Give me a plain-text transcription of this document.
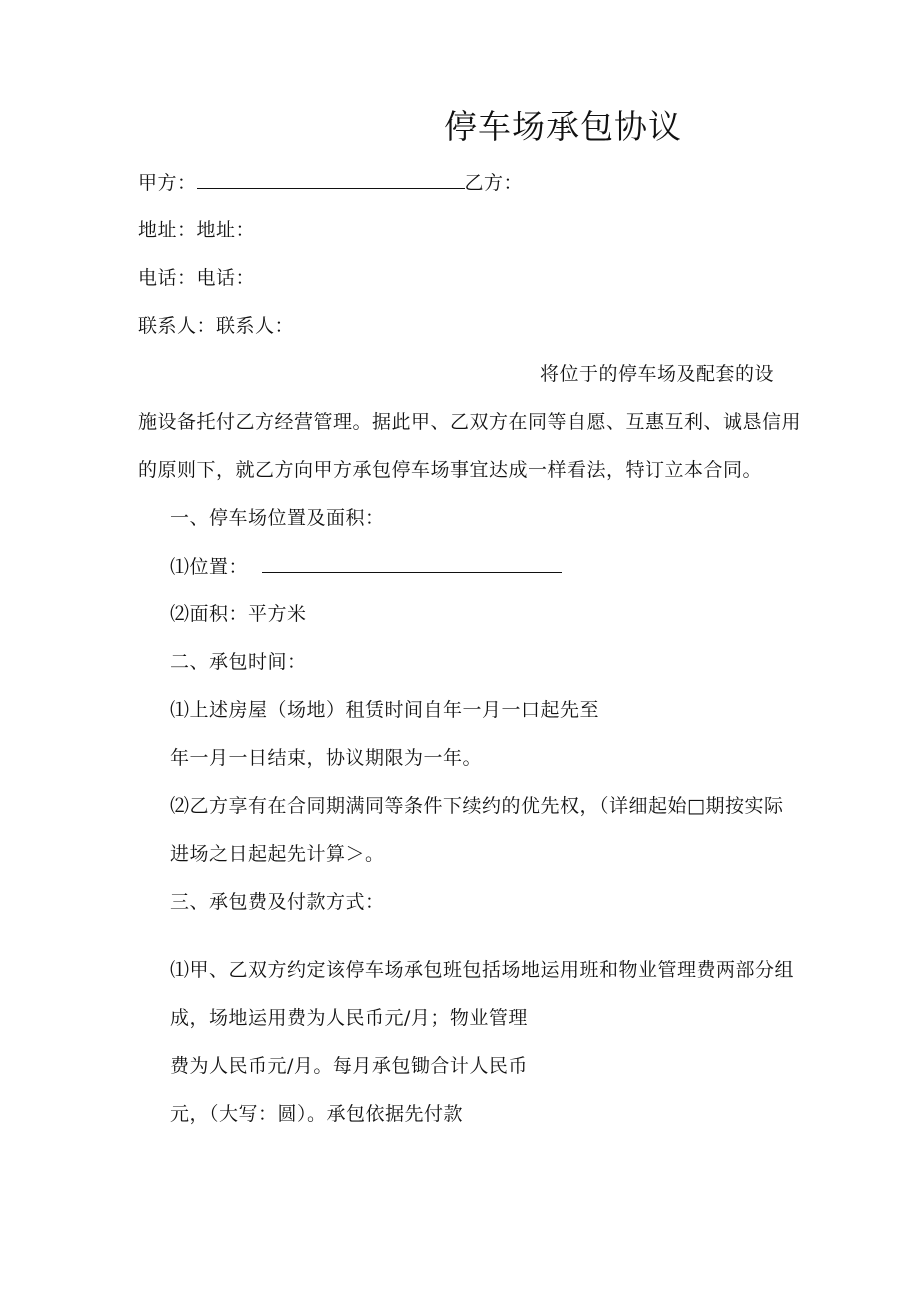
停车场承包协议
甲方：	乙方：
地址：地址：
电话：电话：
联系人：联系人：
将位于的停车场及配套的设
施设备托付乙方经营管理。据此甲、乙双方在同等自愿、互惠互利、诚恳信用
的原则下，就乙方向甲方承包停车场事宜达成一样看法，特订立本合同。
一、停车场位置及面积：
⑴位置：
⑵面积：平方米
二、承包时间：
⑴上述房屋（场地）租赁时间自年一月一口起先至
年一月一日结束，协议期限为一年。
⑵乙方享有在合同期满同等条件下续约的优先权，（详细起始□期按实际
进场之日起起先计算＞。
三、承包费及付款方式：
⑴甲、乙双方约定该停车场承包班包括场地运用班和物业管理费两部分组
成，场地运用费为人民币元/月；物业管理
费为人民币元/月。每月承包锄合计人民币
元，（大写：圆）。承包依据先付款
